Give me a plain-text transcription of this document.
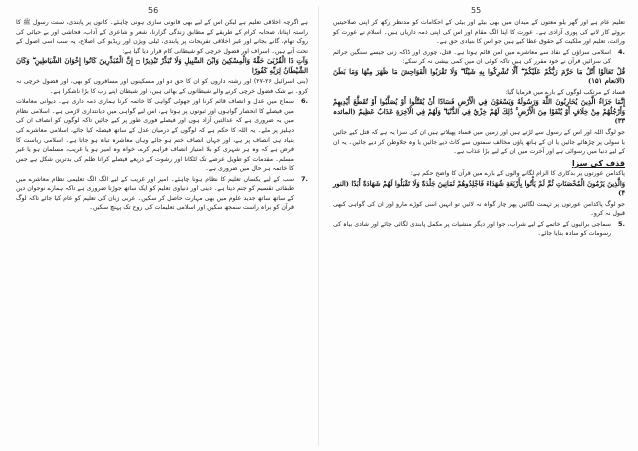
56
ہے اگرچہ اخلاقی تعلیم ہے لیکن اس کے لیے بھی قانونی سازی ہونی چاہئے۔ کانوں پر پابندی، سنت رسول ﷺ کا راستہ اپنانا، صحابہ کرام کے طریقے کے مطابق زندگی گزارنا، شعر و شاعری کے آداب، فحاشی اور بے حیائی کی روک تھام، گانے بجانے اور غیر اخلاقی تفریحات پر پابندی، ٹیلی ویژن اور ریڈیو کی اصلاح، یہ سب اسی اصول کے تحت آتے ہیں۔ اسراف اور فضول خرچی کو شیطانی کام قرار دیا گیا ہے:
وَآتِ ذَا الْقُرْبَىٰ حَقَّهُ وَالْمِسْكِينَ وَابْنَ السَّبِيلِ وَلَا تُبَذِّرْ تَبْذِيرًا ۝ إِنَّ الْمُبَذِّرِينَ كَانُوا إِخْوَانَ الشَّيَاطِينِ ۖ وَكَانَ الشَّيْطَانُ لِرَبِّهِ كَفُورًا
(بنی اسرائیل ۲۶-۲۷) اور رشتہ داروں کو ان کا حق دو اور مسکینوں اور مسافروں کو بھی، اور فضول خرچی نہ کرو۔ بے شک فضول خرچی کرنے والے شیطانوں کے بھائی ہیں، اور شیطان اپنے رب کا بڑا ناشکرا ہے۔
6.
سماج میں عدل و انصاف قائم کرنا اور جھوٹی گواہی کا خاتمہ کرنا ہماری ذمہ داری ہے۔ دیوانی معاملات میں فیصلے کا انحصار گواہوں اور ثبوتوں پر ہوتا ہے، اس لیے گواہی میں دیانتداری لازمی ہے۔ اسلامی نظام میں یہ ضروری ہے کہ عدالتیں آزاد ہوں اور فیصلے فوری طور پر کیے جائیں تاکہ لوگوں کو انصاف ان کی دہلیز پر ملے۔ یہ اللہ کا حکم ہے کہ لوگوں کے درمیان عدل کے ساتھ فیصلہ کیا جائے، اسلامی معاشرے کی بنیاد ہی انصاف پر ہے، اور جہاں انصاف ختم ہو جائے وہاں معاشرہ تباہ ہو جاتا ہے۔ اسلامی ریاست کا فرض ہے کہ وہ ہر شہری کو بلا امتیاز انصاف فراہم کرے، خواہ وہ امیر ہو یا غریب، مسلمان ہو یا غیر مسلم۔ مقدمات کو طویل عرصے تک لٹکانا اور رشوت کے ذریعے فیصلے کرانا ظلم کی بدترین شکل ہے جس کا خاتمہ ہر حال میں ضروری ہے۔
7.
سب کے لیے یکساں تعلیم کا نظام ہونا چاہئے۔ امیر اور غریب کے لیے الگ الگ تعلیمی نظام معاشرے میں طبقاتی تقسیم کو جنم دیتا ہے۔ دینی اور دنیاوی تعلیم کو ایک ساتھ جوڑنا ضروری ہے تاکہ ہمارے نوجوان دین کے ساتھ ساتھ جدید علوم میں بھی مہارت حاصل کر سکیں۔ عربی زبان کی تعلیم کو عام کیا جائے تاکہ لوگ قرآن کو براہ راست سمجھ سکیں اور اسلامی تعلیمات کی روح تک پہنچ سکیں۔
55
تعلیم عام ہے اور گھر یلو معتوں کے میدان میں بھی بیٹے اور بیٹی کے احکامات کو مدنظر رکھ کر اپنی صلاحیتیں بروئے کار لانے کی پوری آزادی ہے۔ عورت کا اپنا الگ مقام اور اس کی اپنی ذمہ داریاں ہیں۔ اسلام نے عورت کو وراثت، تعلیم اور ملکیت کے حقوق عطا کیے ہیں جو اس کا بنیادی حق ہے۔
4.
اسلامی سزاؤں کے نفاذ سے معاشرے میں امن قائم ہوتا ہے۔ قتل، چوری اور ڈاکہ زنی جیسے سنگین جرائم کی سزائیں قرآن نے خود مقرر کی ہیں تاکہ کوئی ان میں کمی بیشی نہ کر سکے:
قُلْ تَعَالَوْا أَتْلُ مَا حَرَّمَ رَبُّكُمْ عَلَيْكُمْ ۖ أَلَّا تُشْرِكُوا بِهِ شَيْئًا ۖ وَلَا تَقْرَبُوا الْفَوَاحِشَ مَا ظَهَرَ مِنْهَا وَمَا بَطَنَ (الانعام ۱۵۱)
فساد کے مرتکب لوگوں کے بارے میں فرمایا گیا:
إِنَّمَا جَزَاءُ الَّذِينَ يُحَارِبُونَ اللَّهَ وَرَسُولَهُ وَيَسْعَوْنَ فِي الْأَرْضِ فَسَادًا أَنْ يُقَتَّلُوا أَوْ يُصَلَّبُوا أَوْ تُقَطَّعَ أَيْدِيهِمْ وَأَرْجُلُهُمْ مِنْ خِلَافٍ أَوْ يُنْفَوْا مِنَ الْأَرْضِ ۚ ذَٰلِكَ لَهُمْ خِزْيٌ فِي الدُّنْيَا ۖ وَلَهُمْ فِي الْآخِرَةِ عَذَابٌ عَظِيمٌ (المائدہ ۳۳)
جو لوگ اللہ اور اس کے رسول سے لڑتے ہیں اور زمین میں فساد پھیلاتے ہیں ان کی سزا یہ ہے کہ قتل کیے جائیں یا سولی پر چڑھائے جائیں یا ان کے ہاتھ پاؤں مخالف سمتوں سے کاٹ دیے جائیں یا وہ جلاوطن کر دیے جائیں۔ یہ ان کے لیے دنیا میں رسوائی ہے اور آخرت میں ان کے لیے بڑا عذاب ہے۔
قذف کی سزا
پاکدامن عورتوں پر بدکاری کا الزام لگانے والوں کے بارے میں قرآن کا واضح حکم ہے:
وَالَّذِينَ يَرْمُونَ الْمُحْصَنَاتِ ثُمَّ لَمْ يَأْتُوا بِأَرْبَعَةِ شُهَدَاءَ فَاجْلِدُوهُمْ ثَمَانِينَ جَلْدَةً وَلَا تَقْبَلُوا لَهُمْ شَهَادَةً أَبَدًا (النور ۴)
جو لوگ پاکدامن عورتوں پر تہمت لگائیں پھر چار گواہ نہ لائیں تو انہیں اسی کوڑے مارو اور ان کی گواہی کبھی قبول نہ کرو۔
5.
سماجی برائیوں کے خاتمے کے لیے شراب، جوا اور دیگر منشیات پر مکمل پابندی لگائی جائے اور شادی بیاہ کی رسومات کو سادہ بنایا جائے۔
